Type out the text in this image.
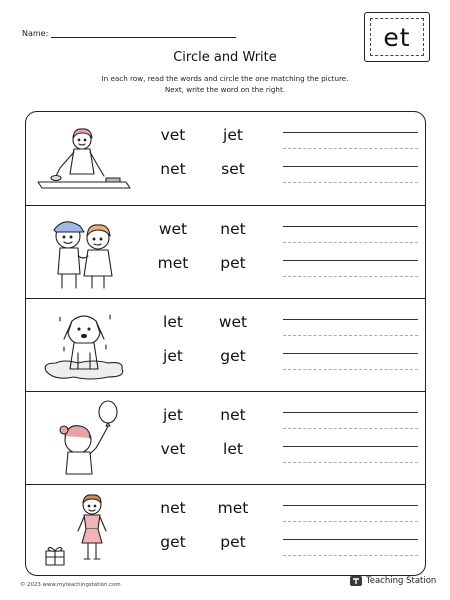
Name:	et
Circle and Write
In each row, read the words and circle the one matching the picture.
Next, write the word on the right.
vet	jet
net	set
wet	net
met	pet
let	wet
jet	get
jet	net
vet	let
net	met
get	pet
© 2023 www.myteachingstation.com	Teaching Station
